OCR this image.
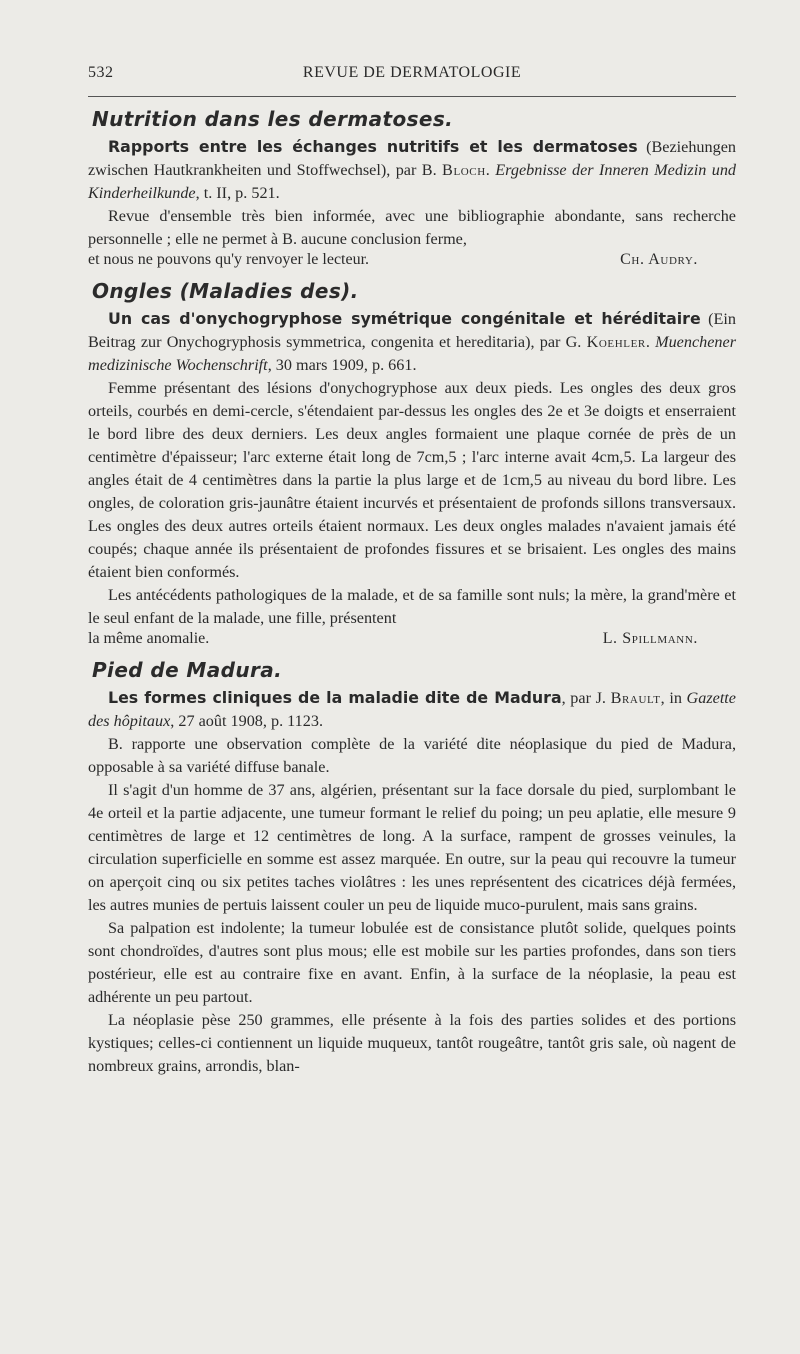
532	REVUE DE DERMATOLOGIE
Nutrition dans les dermatoses.

Rapports entre les échanges nutritifs et les dermatoses (Beziehungen zwischen Hautkrankheiten und Stoffwechsel), par B. Bloch. Ergebnisse der Inneren Medizin und Kinderheilkunde, t. II, p. 521.

Revue d'ensemble très bien informée, avec une bibliographie abondante, sans recherche personnelle ; elle ne permet à B. aucune conclusion ferme,

et nous ne pouvons qu'y renvoyer le lecteur.	Ch. Audry.
Ongles (Maladies des).

Un cas d'onychogryphose symétrique congénitale et héréditaire (Ein Beitrag zur Onychogryphosis symmetrica, congenita et hereditaria), par G. Koehler. Muenchener medizinische Wochenschrift, 30 mars 1909, p. 661.

Femme présentant des lésions d'onychogryphose aux deux pieds. Les ongles des deux gros orteils, courbés en demi-cercle, s'étendaient par-dessus les ongles des 2e et 3e doigts et enserraient le bord libre des deux derniers. Les deux angles formaient une plaque cornée de près de un centimètre d'épaisseur; l'arc externe était long de 7cm,5 ; l'arc interne avait 4cm,5. La largeur des angles était de 4 centimètres dans la partie la plus large et de 1cm,5 au niveau du bord libre. Les ongles, de coloration gris-jaunâtre étaient incurvés et présentaient de profonds sillons transversaux. Les ongles des deux autres orteils étaient normaux. Les deux ongles malades n'avaient jamais été coupés; chaque année ils présentaient de profondes fissures et se brisaient. Les ongles des mains étaient bien conformés.

Les antécédents pathologiques de la malade, et de sa famille sont nuls; la mère, la grand'mère et le seul enfant de la malade, une fille, présentent

la même anomalie.	L. Spillmann.
Pied de Madura.

Les formes cliniques de la maladie dite de Madura, par J. Brault, in Gazette des hôpitaux, 27 août 1908, p. 1123.

B. rapporte une observation complète de la variété dite néoplasique du pied de Madura, opposable à sa variété diffuse banale.

Il s'agit d'un homme de 37 ans, algérien, présentant sur la face dorsale du pied, surplombant le 4e orteil et la partie adjacente, une tumeur formant le relief du poing; un peu aplatie, elle mesure 9 centimètres de large et 12 centimètres de long. A la surface, rampent de grosses veinules, la circulation superficielle en somme est assez marquée. En outre, sur la peau qui recouvre la tumeur on aperçoit cinq ou six petites taches violâtres : les unes représentent des cicatrices déjà fermées, les autres munies de pertuis laissent couler un peu de liquide muco-purulent, mais sans grains.

Sa palpation est indolente; la tumeur lobulée est de consistance plutôt solide, quelques points sont chondroïdes, d'autres sont plus mous; elle est mobile sur les parties profondes, dans son tiers postérieur, elle est au contraire fixe en avant. Enfin, à la surface de la néoplasie, la peau est adhérente un peu partout.

La néoplasie pèse 250 grammes, elle présente à la fois des parties solides et des portions kystiques; celles-ci contiennent un liquide muqueux, tantôt rougeâtre, tantôt gris sale, où nagent de nombreux grains, arrondis, blan-
